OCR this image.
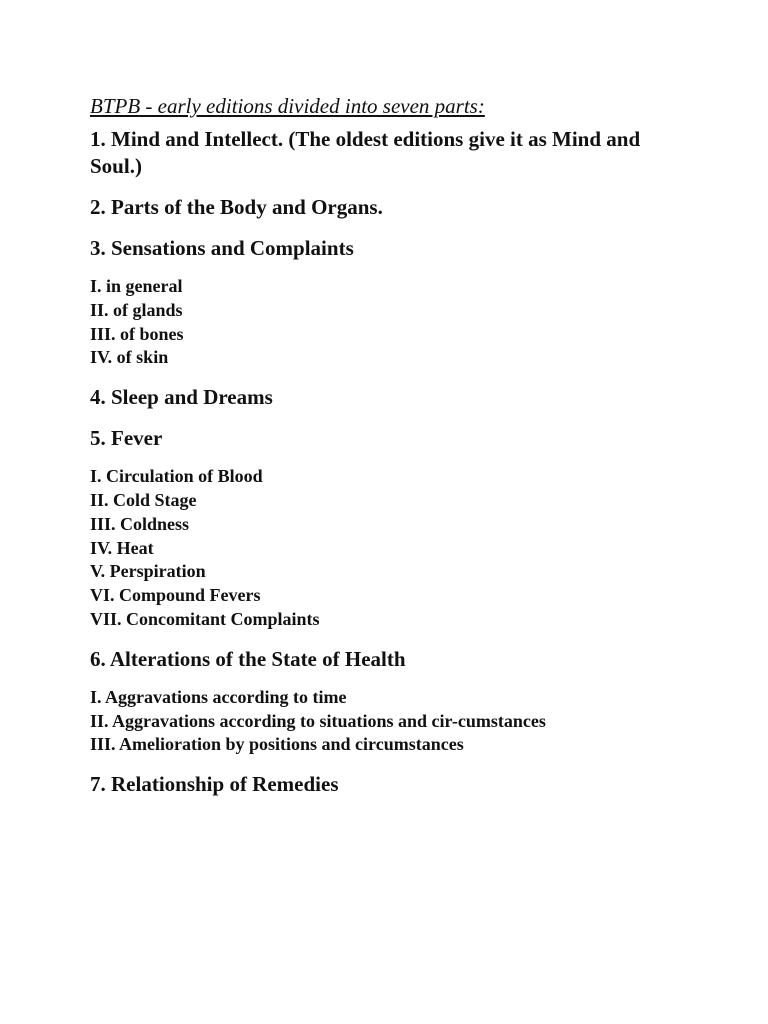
BTPB - early editions divided into seven parts:
1. Mind and Intellect. (The oldest editions give it as Mind and Soul.)
2. Parts of the Body and Organs.
3. Sensations and Complaints
I. in general
II. of glands
III. of bones
IV. of skin
4. Sleep and Dreams
5. Fever
I. Circulation of Blood
II. Cold Stage
III. Coldness
IV. Heat
V. Perspiration
VI. Compound Fevers
VII. Concomitant Complaints
6. Alterations of the State of Health
I. Aggravations according to time
II. Aggravations according to situations and cir-cumstances
III. Amelioration by positions and circumstances
7. Relationship of Remedies
